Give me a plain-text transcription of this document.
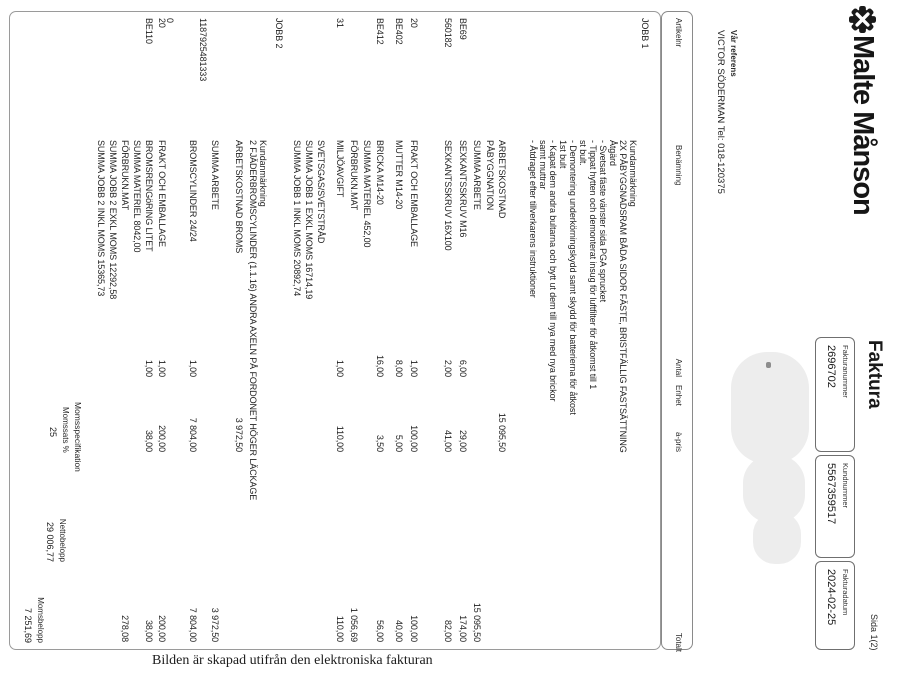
Malte Månson
Faktura
Sida 1(2)
Fakturanummer
2696702
Kundnummer
5567359517
Fakturadatum
2024-02-25
Vår referens
VICTOR SÖDERMAN Tel: 018-120375
Artikelnr
Benämning
Antal
Enhet
à-pris
Totalt
JOBB 1
Kundanmärkning
2X PÅBYGGNADSRAM BÅDA SIDOR FÄSTE, BRISTFÄLLIG FASTSÄTTNING
Åtgärd
- Svetsat fäste vänster sida PGA sprucket
- Tippat hytten och demonterat insug för luftfilter för åtkomst till 1
st bult.
- Demontering underkörningskydd samt skydd för batterierna för åtkost
1st bult
- Kapat dem andra bultarna och bytt ut dem till nya med nya brickor
samt muttrar
- Åtdraget efter tillverkarens instruktioner
ARBETSKOSTNAD
15 095,50
PÅBYGGNATION
SUMMA ARBETE
15 095,50
BE69
SEXKANTSSKRUV M16
6,00
29,00
174,00
560182
SEXKANTSSKRUV 16X100
2,00
41,00
82,00
20
FRAKT OCH EMBALLAGE
1,00
100,00
100,00
BE402
MUTTER M14-20
8,00
5,00
40,00
BE412
BRICKA M14-20
16,00
3,50
56,00
SUMMA MATERIEL 452,00
FÖRBRUKN.MAT
1 056,69
31
MILJÖAVGIFT
1,00
110,00
110,00
SVETSGAS/SVETSTRÅD
SUMMA JOBB 1 EXKL MOMS 16714,19
SUMMA JOBB 1 INKL MOMS 20892,74
JOBB 2
Kundanmärkning
2 FJÄDERBROMSCYLINDER (1.1.16) ANDRA AXELN PÅ FORDONET HÖGER LÄCKAGE
ARBETSKOSTNAD BROMS
3 972,50
SUMMA ARBETE
3 972,50
1187925481333
BROMSCYLINDER 24/24
1,00
7 804,00
7 804,00
0
20
FRAKT OCH EMBALLAGE
1,00
200,00
200,00
BE110
BROMSRENGöRING LITET
1,00
38,00
38,00
SUMMA MATERIEL 8042,00
FÖRBRUKN.MAT
278,08
SUMMA JOBB 2 EXKL MOMS 12292,58
SUMMA JOBB 2 INKL MOMS 15365,73
Momsspecifikation
Momssats %
25
Nettobelopp
29 006,77
Momsbelopp
7 251,69
Bilden är skapad utifrån den elektroniska fakturan
